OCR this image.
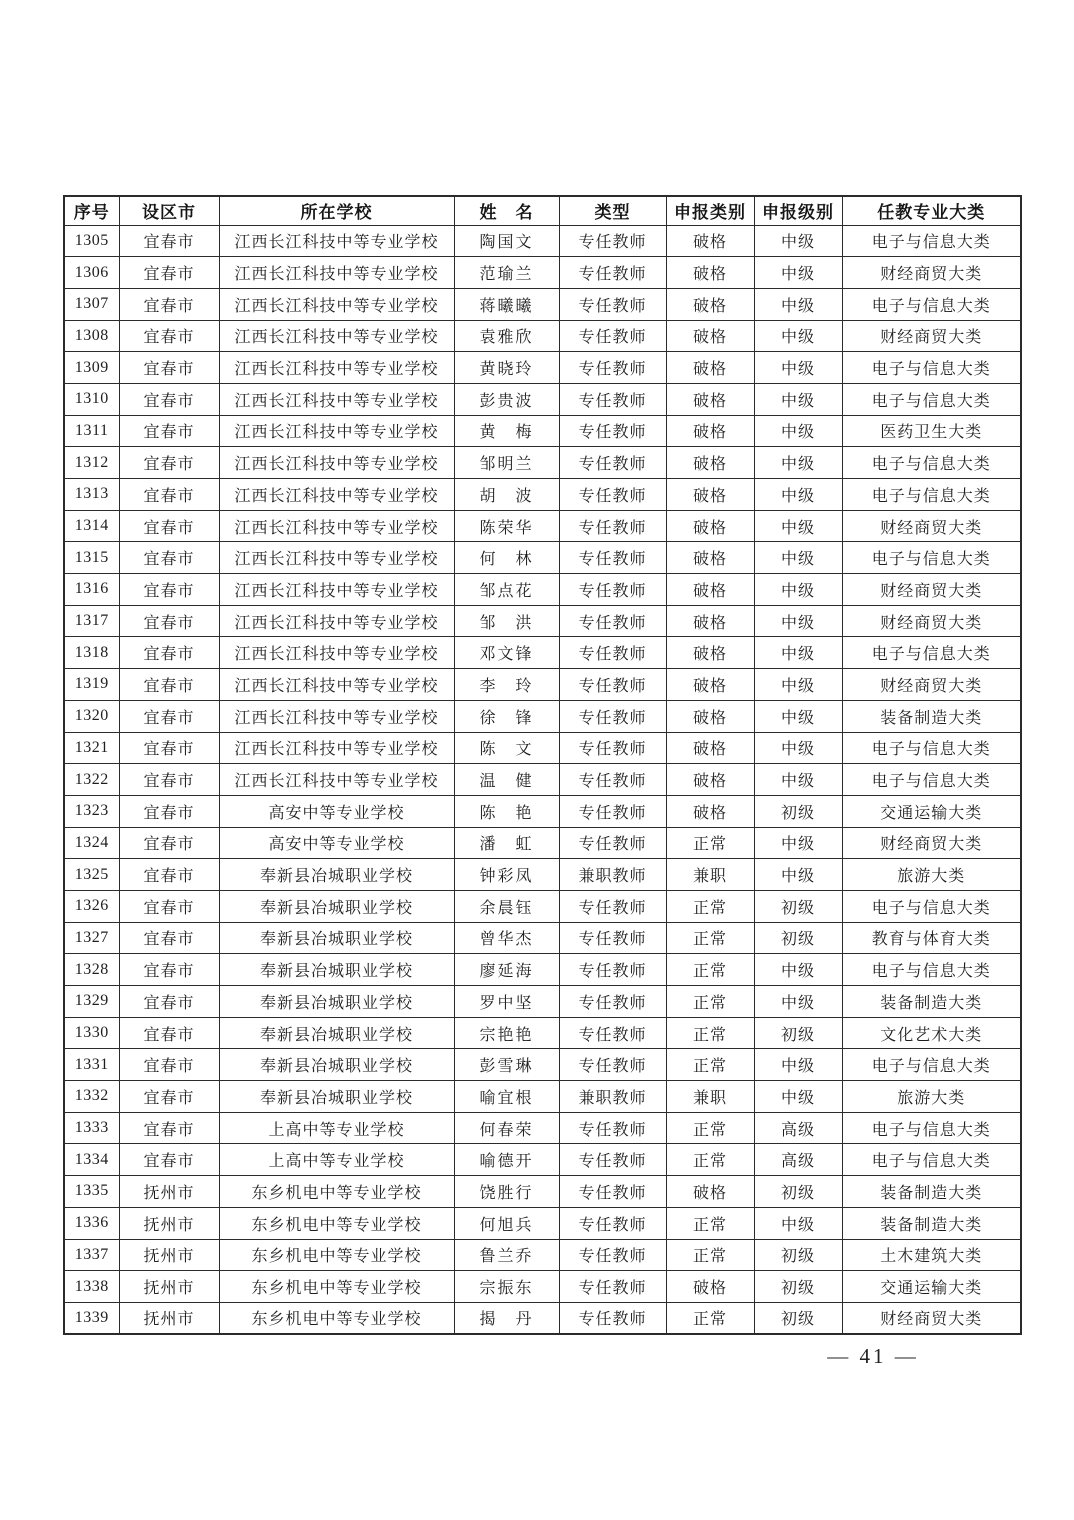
序号	设区市	所在学校	姓　名	类型	申报类别	申报级别	任教专业大类
1305	宜春市	江西长江科技中等专业学校	陶国文	专任教师	破格	中级	电子与信息大类
1306	宜春市	江西长江科技中等专业学校	范瑜兰	专任教师	破格	中级	财经商贸大类
1307	宜春市	江西长江科技中等专业学校	蒋曦曦	专任教师	破格	中级	电子与信息大类
1308	宜春市	江西长江科技中等专业学校	袁雅欣	专任教师	破格	中级	财经商贸大类
1309	宜春市	江西长江科技中等专业学校	黄晓玲	专任教师	破格	中级	电子与信息大类
1310	宜春市	江西长江科技中等专业学校	彭贵波	专任教师	破格	中级	电子与信息大类
1311	宜春市	江西长江科技中等专业学校	黄　梅	专任教师	破格	中级	医药卫生大类
1312	宜春市	江西长江科技中等专业学校	邹明兰	专任教师	破格	中级	电子与信息大类
1313	宜春市	江西长江科技中等专业学校	胡　波	专任教师	破格	中级	电子与信息大类
1314	宜春市	江西长江科技中等专业学校	陈荣华	专任教师	破格	中级	财经商贸大类
1315	宜春市	江西长江科技中等专业学校	何　林	专任教师	破格	中级	电子与信息大类
1316	宜春市	江西长江科技中等专业学校	邹点花	专任教师	破格	中级	财经商贸大类
1317	宜春市	江西长江科技中等专业学校	邹　洪	专任教师	破格	中级	财经商贸大类
1318	宜春市	江西长江科技中等专业学校	邓文锋	专任教师	破格	中级	电子与信息大类
1319	宜春市	江西长江科技中等专业学校	李　玲	专任教师	破格	中级	财经商贸大类
1320	宜春市	江西长江科技中等专业学校	徐　锋	专任教师	破格	中级	装备制造大类
1321	宜春市	江西长江科技中等专业学校	陈　文	专任教师	破格	中级	电子与信息大类
1322	宜春市	江西长江科技中等专业学校	温　健	专任教师	破格	中级	电子与信息大类
1323	宜春市	高安中等专业学校	陈　艳	专任教师	破格	初级	交通运输大类
1324	宜春市	高安中等专业学校	潘　虹	专任教师	正常	中级	财经商贸大类
1325	宜春市	奉新县冶城职业学校	钟彩凤	兼职教师	兼职	中级	旅游大类
1326	宜春市	奉新县冶城职业学校	余晨钰	专任教师	正常	初级	电子与信息大类
1327	宜春市	奉新县冶城职业学校	曾华杰	专任教师	正常	初级	教育与体育大类
1328	宜春市	奉新县冶城职业学校	廖延海	专任教师	正常	中级	电子与信息大类
1329	宜春市	奉新县冶城职业学校	罗中坚	专任教师	正常	中级	装备制造大类
1330	宜春市	奉新县冶城职业学校	宗艳艳	专任教师	正常	初级	文化艺术大类
1331	宜春市	奉新县冶城职业学校	彭雪琳	专任教师	正常	中级	电子与信息大类
1332	宜春市	奉新县冶城职业学校	喻宜根	兼职教师	兼职	中级	旅游大类
1333	宜春市	上高中等专业学校	何春荣	专任教师	正常	高级	电子与信息大类
1334	宜春市	上高中等专业学校	喻德开	专任教师	正常	高级	电子与信息大类
1335	抚州市	东乡机电中等专业学校	饶胜行	专任教师	破格	初级	装备制造大类
1336	抚州市	东乡机电中等专业学校	何旭兵	专任教师	正常	中级	装备制造大类
1337	抚州市	东乡机电中等专业学校	鲁兰乔	专任教师	正常	初级	土木建筑大类
1338	抚州市	东乡机电中等专业学校	宗振东	专任教师	破格	初级	交通运输大类
1339	抚州市	东乡机电中等专业学校	揭　丹	专任教师	正常	初级	财经商贸大类
— 41 —
